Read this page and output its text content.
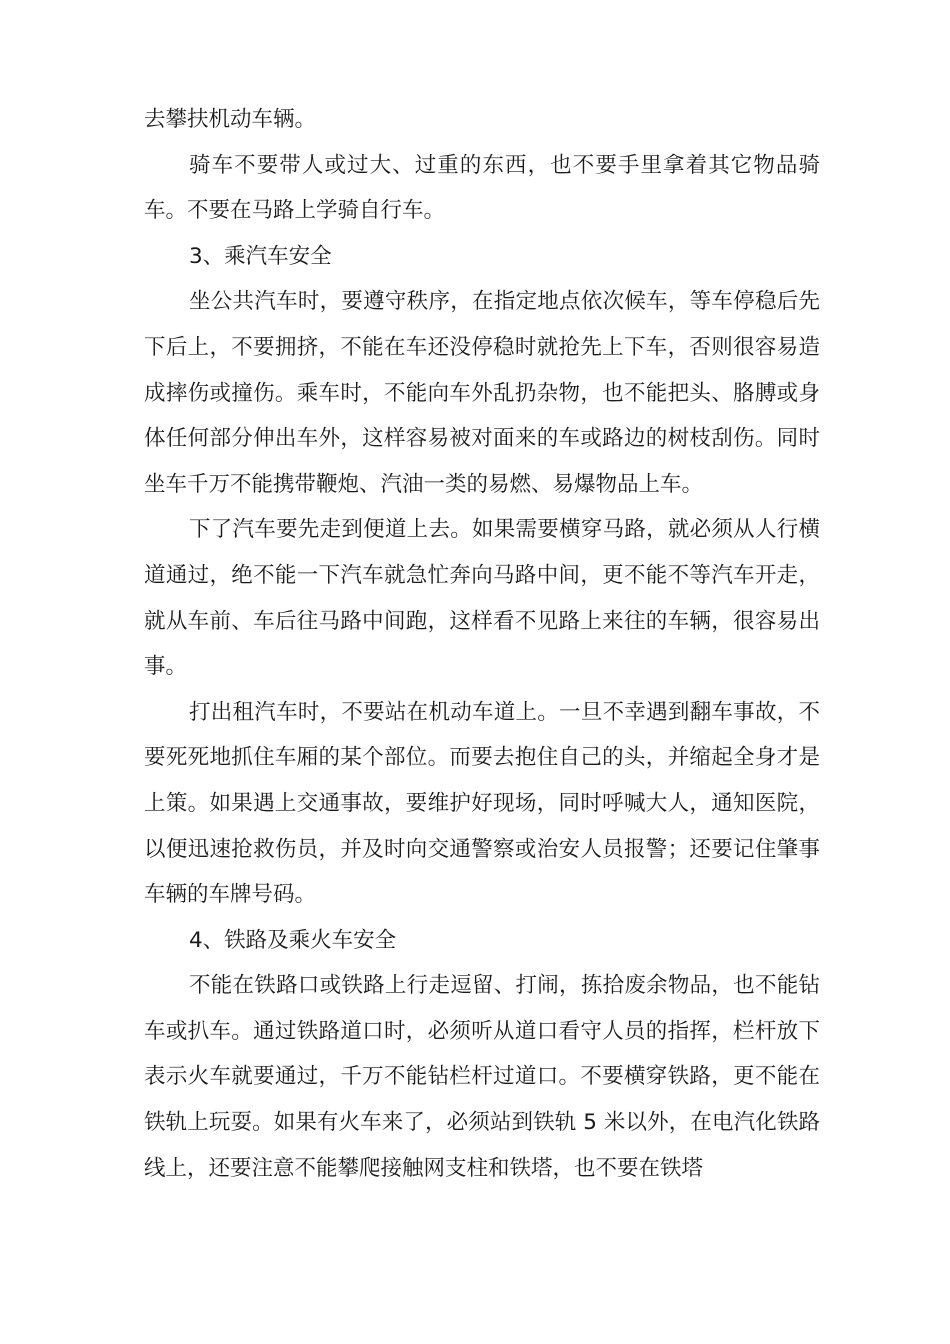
去攀扶机动车辆。

骑车不要带人或过大、过重的东西，也不要手里拿着其它物品骑车。不要在马路上学骑自行车。

3、乘汽车安全

坐公共汽车时，要遵守秩序，在指定地点依次候车，等车停稳后先下后上，不要拥挤，不能在车还没停稳时就抢先上下车，否则很容易造成摔伤或撞伤。乘车时，不能向车外乱扔杂物，也不能把头、胳膊或身体任何部分伸出车外，这样容易被对面来的车或路边的树枝刮伤。同时坐车千万不能携带鞭炮、汽油一类的易燃、易爆物品上车。

下了汽车要先走到便道上去。如果需要横穿马路，就必须从人行横道通过，绝不能一下汽车就急忙奔向马路中间，更不能不等汽车开走，就从车前、车后往马路中间跑，这样看不见路上来往的车辆，很容易出事。

打出租汽车时，不要站在机动车道上。一旦不幸遇到翻车事故，不要死死地抓住车厢的某个部位。而要去抱住自己的头，并缩起全身才是上策。如果遇上交通事故，要维护好现场，同时呼喊大人，通知医院，以便迅速抢救伤员，并及时向交通警察或治安人员报警；还要记住肇事车辆的车牌号码。

4、铁路及乘火车安全

不能在铁路口或铁路上行走逗留、打闹，拣拾废余物品，也不能钻车或扒车。通过铁路道口时，必须听从道口看守人员的指挥，栏杆放下表示火车就要通过，千万不能钻栏杆过道口。不要横穿铁路，更不能在铁轨上玩耍。如果有火车来了，必须站到铁轨 5 米以外，在电汽化铁路线上，还要注意不能攀爬接触网支柱和铁塔，也不要在铁塔
